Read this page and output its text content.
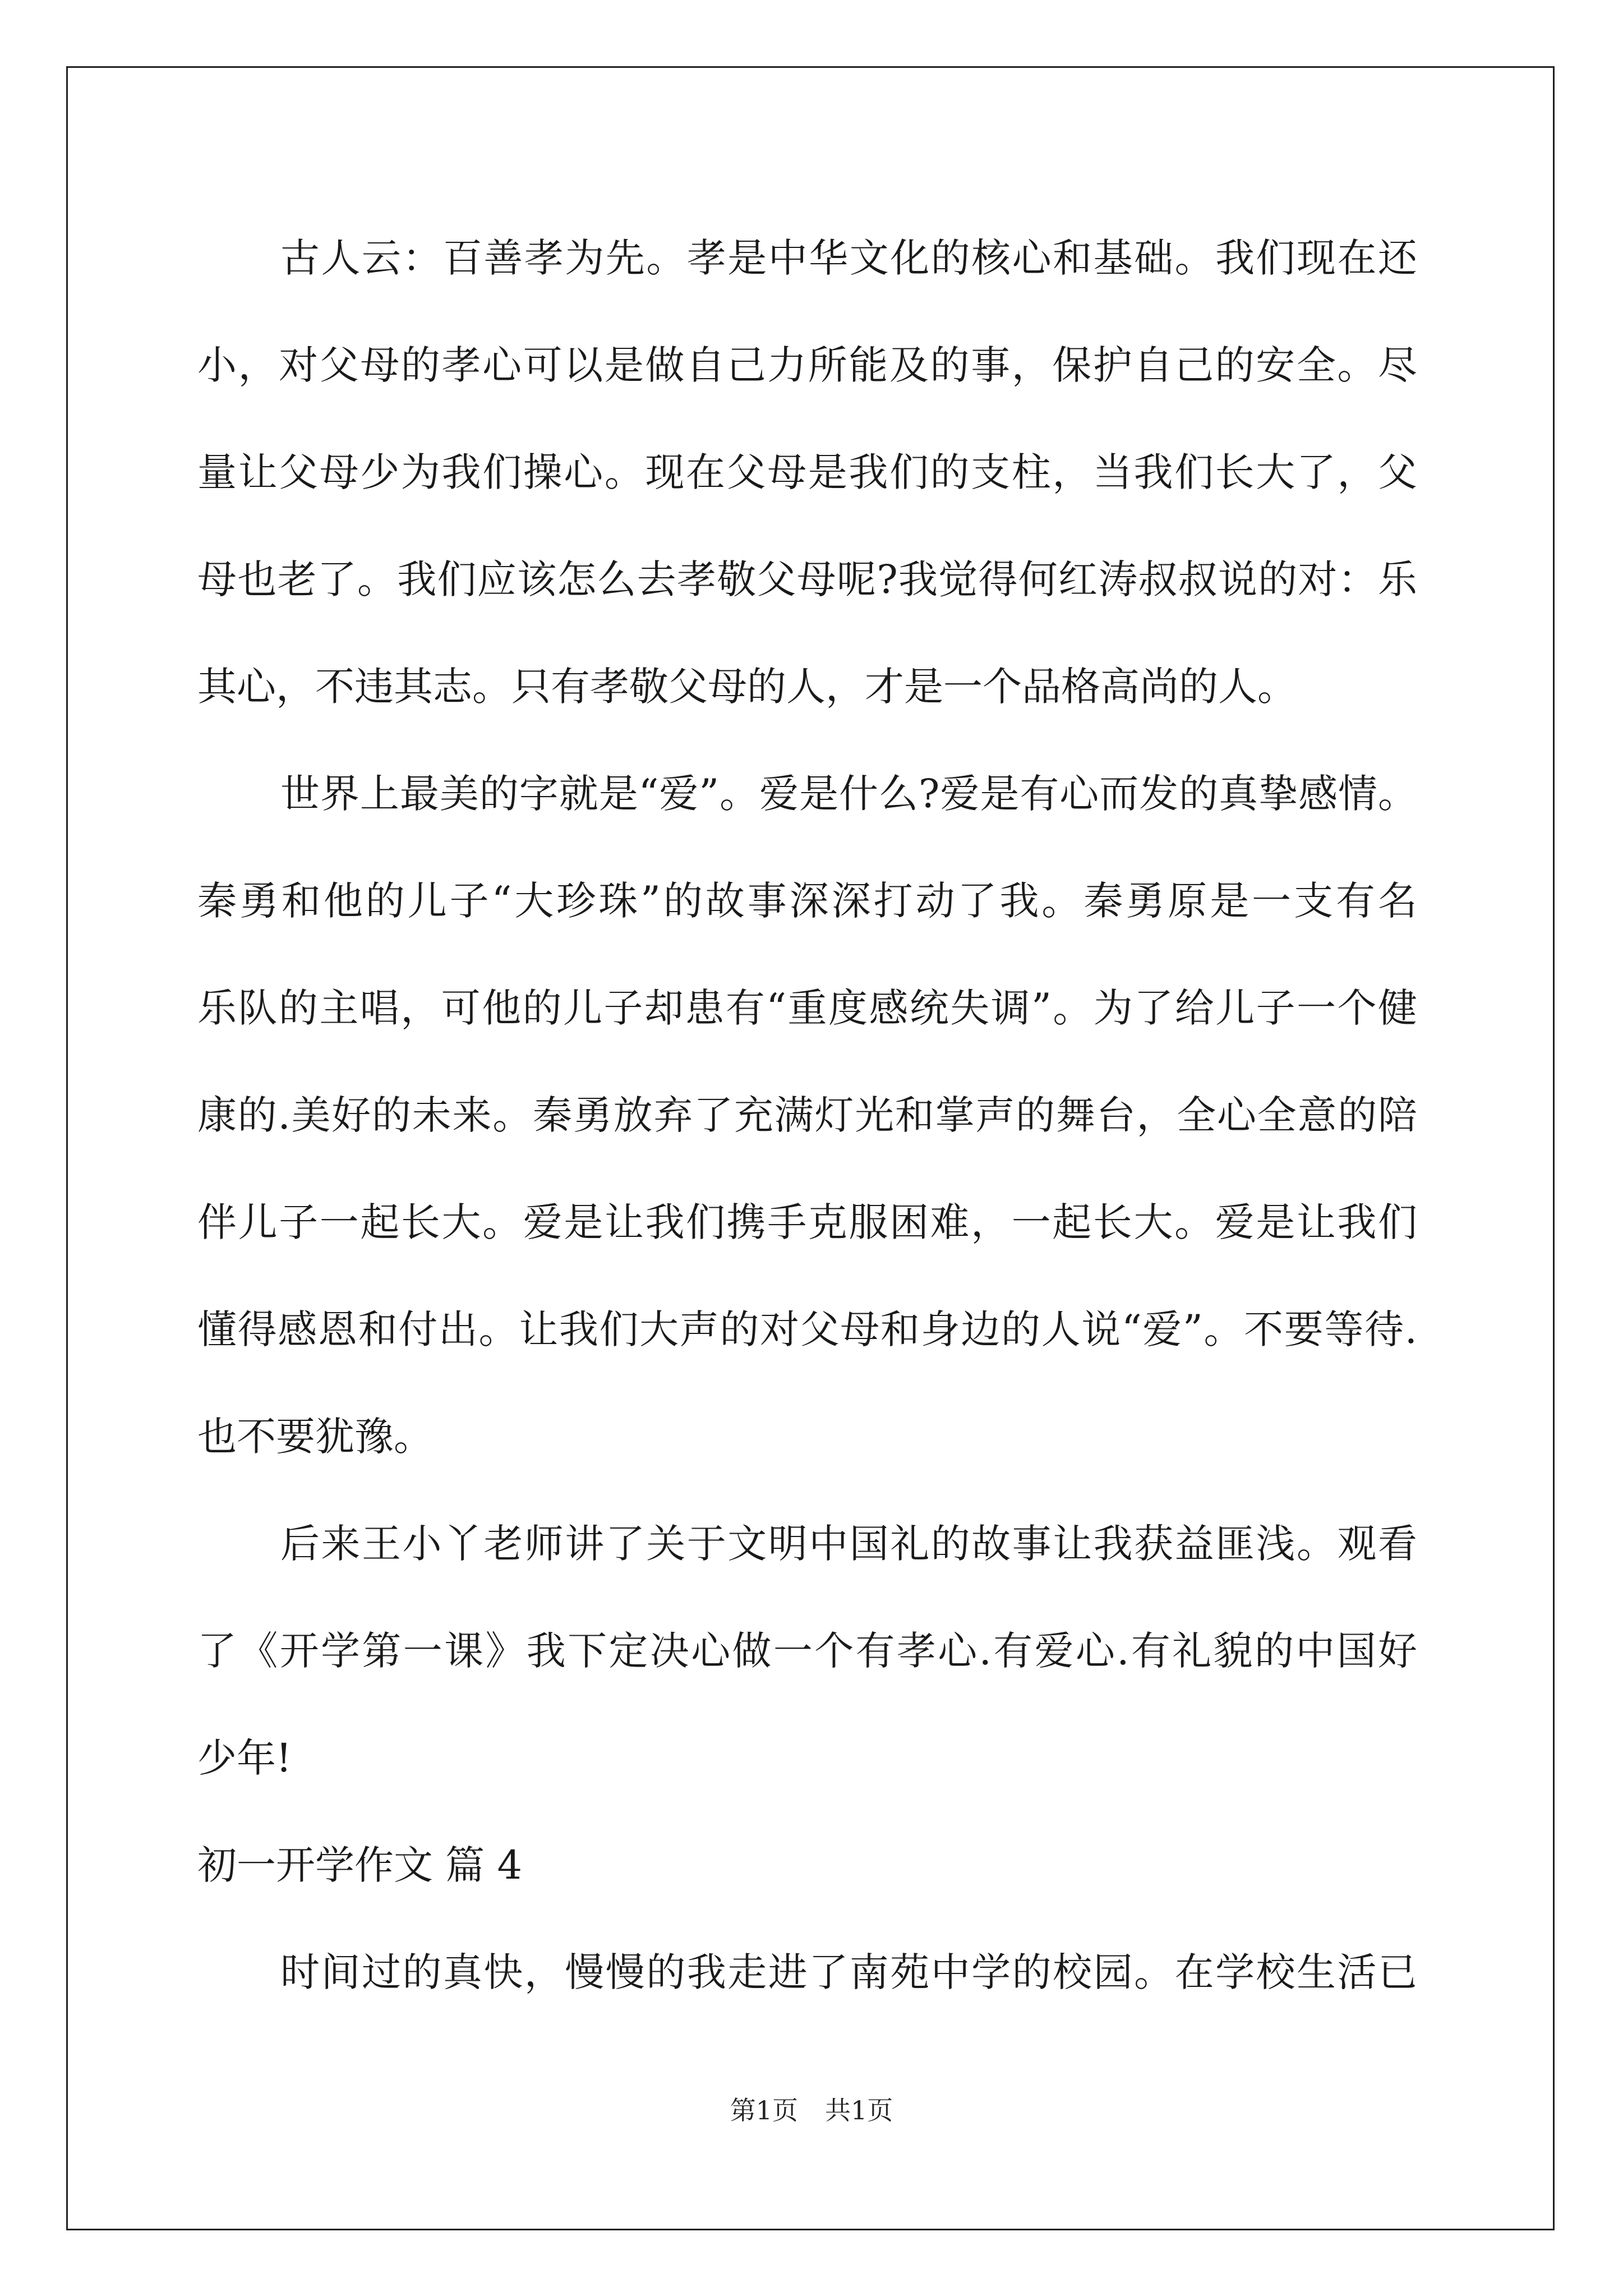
古人云：百善孝为先。孝是中华文化的核心和基础。我们现在还
小，对父母的孝心可以是做自己力所能及的事，保护自己的安全。尽
量让父母少为我们操心。现在父母是我们的支柱，当我们长大了，父
母也老了。我们应该怎么去孝敬父母呢?我觉得何红涛叔叔说的对：乐
其心，不违其志。只有孝敬父母的人，才是一个品格高尚的人。
世界上最美的字就是“爱”。爱是什么?爱是有心而发的真挚感情。
秦勇和他的儿子“大珍珠”的故事深深打动了我。秦勇原是一支有名
乐队的主唱，可他的儿子却患有“重度感统失调”。为了给儿子一个健
康的.美好的未来。秦勇放弃了充满灯光和掌声的舞台，全心全意的陪
伴儿子一起长大。爱是让我们携手克服困难，一起长大。爱是让我们
懂得感恩和付出。让我们大声的对父母和身边的人说“爱”。不要等待.
也不要犹豫。
后来王小丫老师讲了关于文明中国礼的故事让我获益匪浅。观看
了《开学第一课》我下定决心做一个有孝心.有爱心.有礼貌的中国好
少年!
初一开学作文 篇 4
时间过的真快，慢慢的我走进了南苑中学的校园。在学校生活已
第1页 共1页
